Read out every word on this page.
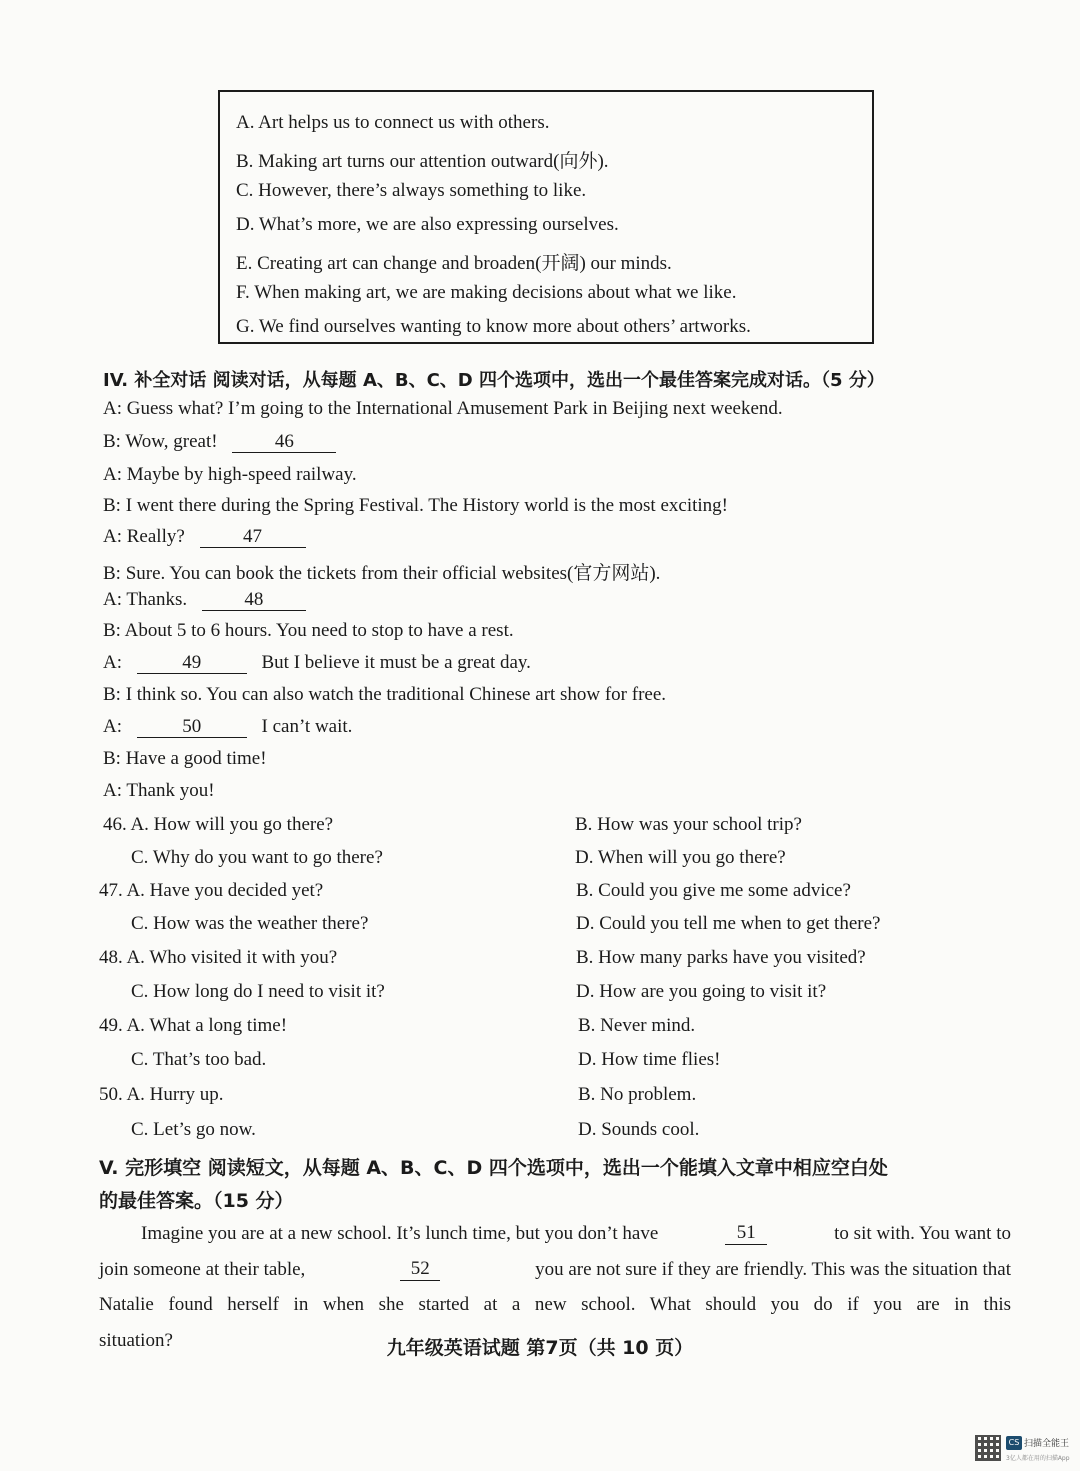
A. Art helps us to connect us with others.
B. Making art turns our attention outward(向外).
C. However, there’s always something to like.
D. What’s more, we are also expressing ourselves.
E. Creating art can change and broaden(开阔) our minds.
F. When making art, we are making decisions about what we like.
G. We find ourselves wanting to know more about others’ artworks.
IV. 补全对话 阅读对话，从每题 A、B、C、D 四个选项中，选出一个最佳答案完成对话。（5 分）
A: Guess what? I’m going to the International Amusement Park in Beijing next weekend.
B: Wow, great!	46
A: Maybe by high-speed railway.
B: I went there during the Spring Festival. The History world is the most exciting!
A: Really?	47
B: Sure. You can book the tickets from their official websites(官方网站).
A: Thanks.	48
B: About 5 to 6 hours. You need to stop to have a rest.
A:	49	But I believe it must be a great day.
B: I think so. You can also watch the traditional Chinese art show for free.
A:	50	I can’t wait.
B: Have a good time!
A: Thank you!
46. A. How will you go there?	B. How was your school trip?
C. Why do you want to go there?	D. When will you go there?
47. A. Have you decided yet?	B. Could you give me some advice?
C. How was the weather there?	D. Could you tell me when to get there?
48. A. Who visited it with you?	B. How many parks have you visited?
C. How long do I need to visit it?	D. How are you going to visit it?
49. A. What a long time!	B. Never mind.
C. That’s too bad.	D. How time flies!
50. A. Hurry up.	B. No problem.
C. Let’s go now.	D. Sounds cool.
V. 完形填空 阅读短文，从每题 A、B、C、D 四个选项中，选出一个能填入文章中相应空白处
的最佳答案。（15 分）
Imagine you are at a new school. It’s lunch time, but you don’t have	51	to sit with. You want to
join someone at their table,	52	you are not sure if they are friendly. This was the situation that
Natalie found herself in when she started at a new school. What should you do if you are in this
situation?	九年级英语试题 第7页（共 10 页）
CS 扫描全能王
3亿人都在用的扫描App
